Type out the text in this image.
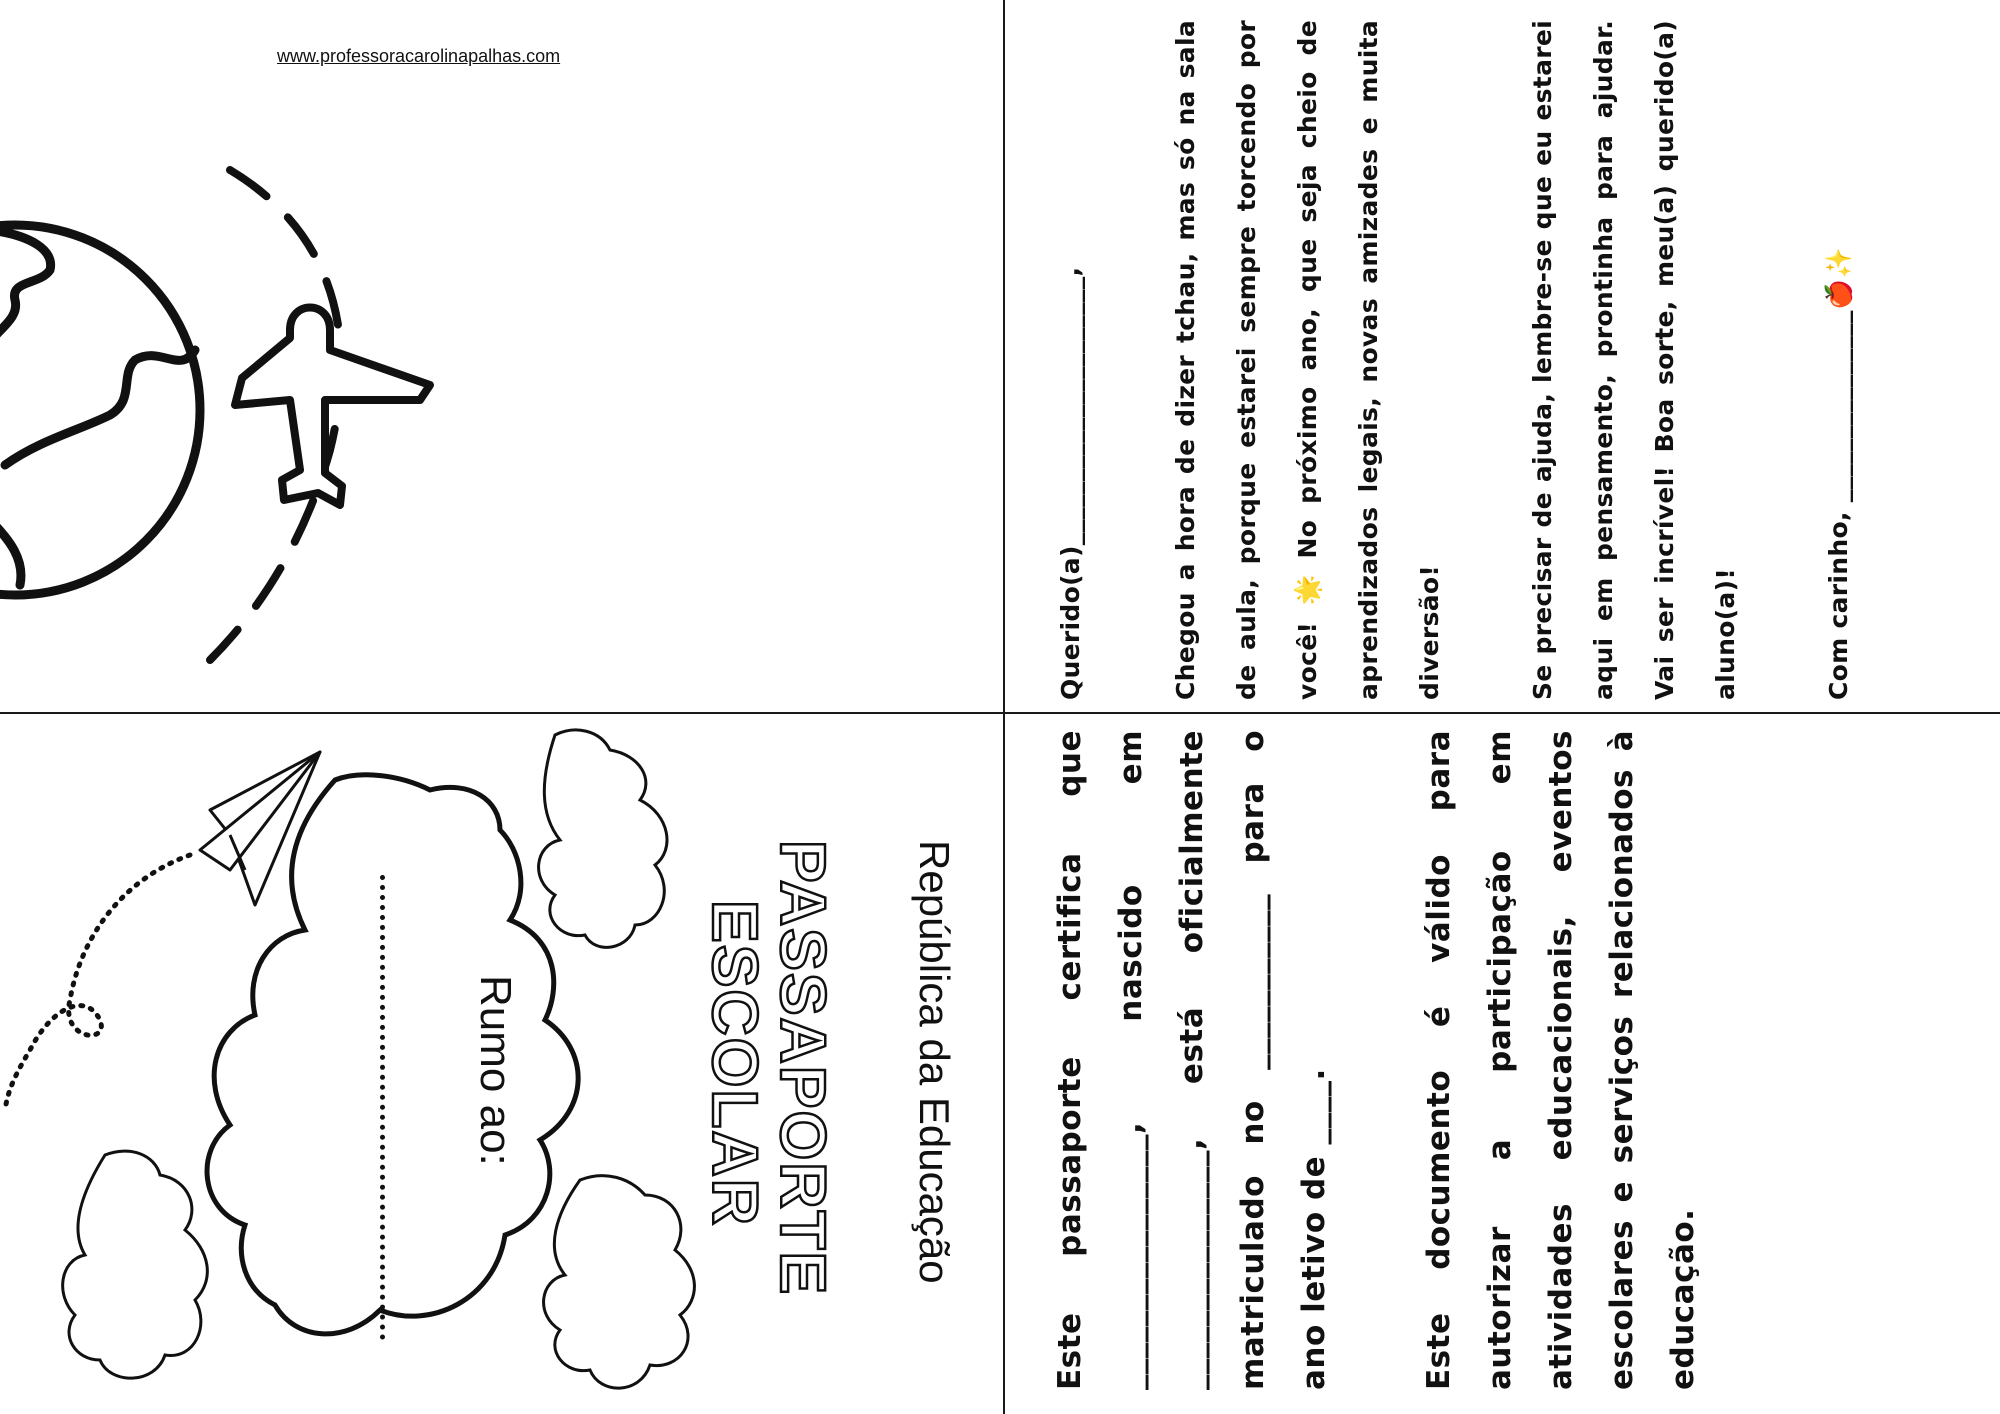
www.professoracarolinapalhas.com
República da Educação
PASSAPORTE
ESCOLAR
Rumo ao:

Querido(a)_____________________,	Chegou a hora de dizer tchau, mas só na sala de aula, porque estarei sempre torcendo por você! 🌟 No próximo ano, que seja cheio de aprendizados legais, novas amizades e muita diversão!	Se precisar de ajuda, lembre-se que eu estarei aqui em pensamento, prontinha para ajudar. Vai ser incrível! Boa sorte, meu(a) querido(a) aluno(a)!	Com carinho, _______________🍎✨

Este passaporte certifica que ________________, nascido em _______________, está oficialmente matriculado no ___________ para o ano letivo de ____.	Este documento é válido para autorizar a participação em atividades educacionais, eventos escolares e serviços relacionados à educação.
